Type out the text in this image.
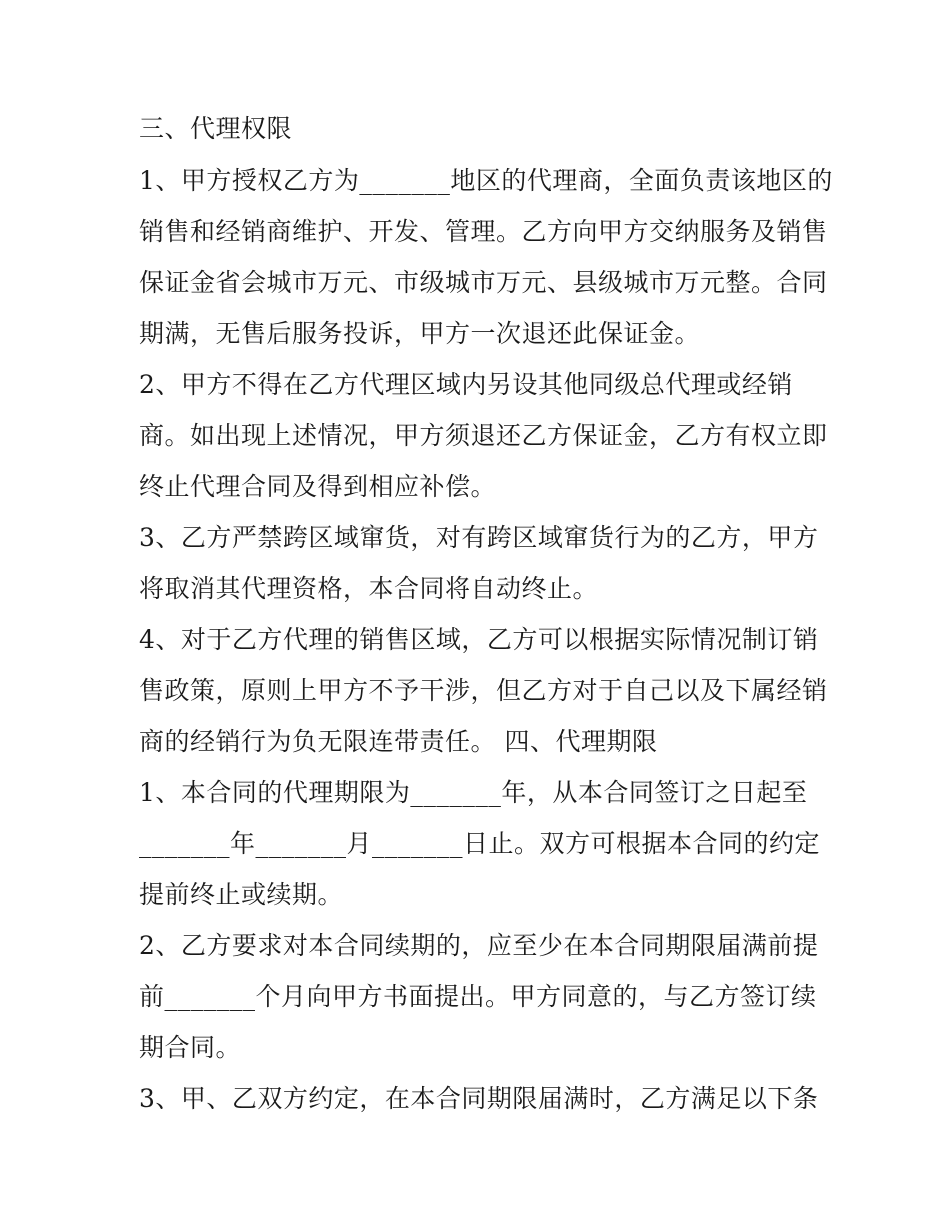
三、代理权限
1、甲方授权乙方为_______地区的代理商，全面负责该地区的
销售和经销商维护、开发、管理。乙方向甲方交纳服务及销售
保证金省会城市万元、市级城市万元、县级城市万元整。合同
期满，无售后服务投诉，甲方一次退还此保证金。
2、甲方不得在乙方代理区域内另设其他同级总代理或经销
商。如出现上述情况，甲方须退还乙方保证金，乙方有权立即
终止代理合同及得到相应补偿。
3、乙方严禁跨区域窜货，对有跨区域窜货行为的乙方，甲方
将取消其代理资格，本合同将自动终止。
4、对于乙方代理的销售区域，乙方可以根据实际情况制订销
售政策，原则上甲方不予干涉，但乙方对于自己以及下属经销
商的经销行为负无限连带责任。 四、代理期限
1、本合同的代理期限为_______年，从本合同签订之日起至
_______年_______月_______日止。双方可根据本合同的约定
提前终止或续期。
2、乙方要求对本合同续期的，应至少在本合同期限届满前提
前_______个月向甲方书面提出。甲方同意的，与乙方签订续
期合同。
3、甲、乙双方约定，在本合同期限届满时，乙方满足以下条
